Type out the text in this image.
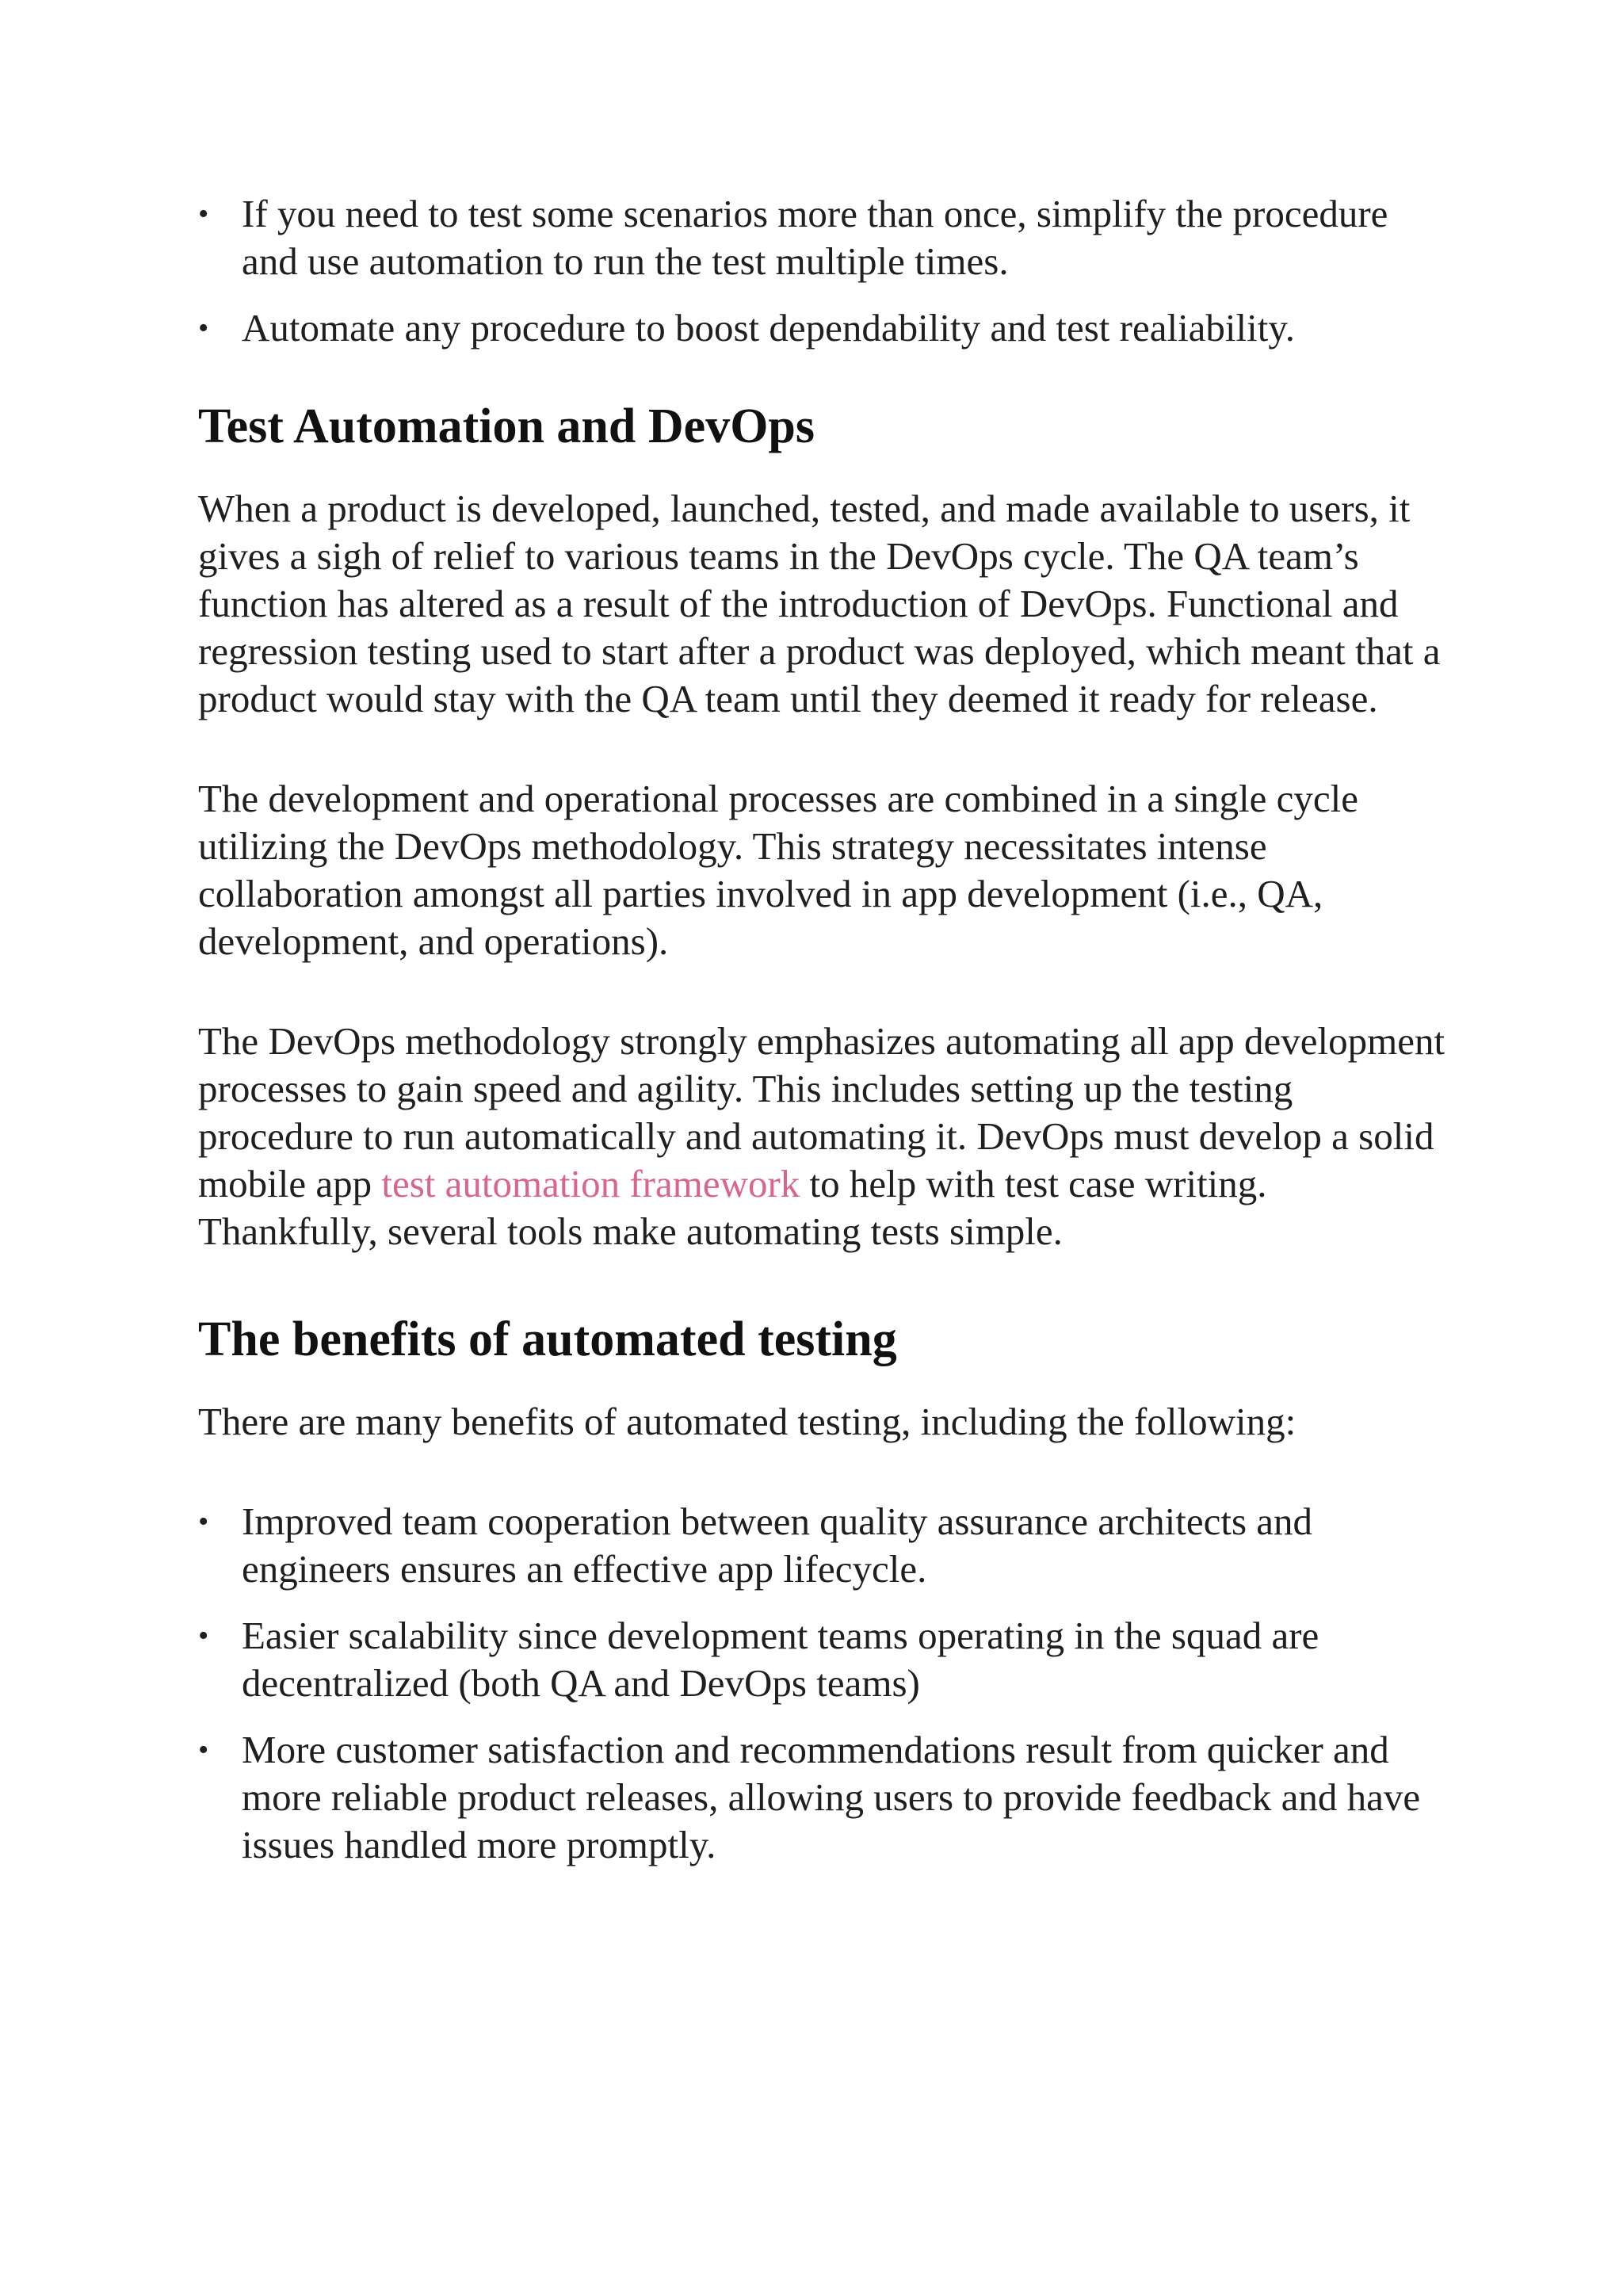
• If you need to test some scenarios more than once, simplify the procedure and use automation to run the test multiple times.
• Automate any procedure to boost dependability and test realiability.
Test Automation and DevOps

When a product is developed, launched, tested, and made available to users, it gives a sigh of relief to various teams in the DevOps cycle. The QA team’s function has altered as a result of the introduction of DevOps. Functional and regression testing used to start after a product was deployed, which meant that a product would stay with the QA team until they deemed it ready for release.

The development and operational processes are combined in a single cycle utilizing the DevOps methodology. This strategy necessitates intense collaboration amongst all parties involved in app development (i.e., QA, development, and operations).

The DevOps methodology strongly emphasizes automating all app development processes to gain speed and agility. This includes setting up the testing procedure to run automatically and automating it. DevOps must develop a solid mobile app test automation framework to help with test case writing. Thankfully, several tools make automating tests simple.

The benefits of automated testing

There are many benefits of automated testing, including the following:

• Improved team cooperation between quality assurance architects and engineers ensures an effective app lifecycle.
• Easier scalability since development teams operating in the squad are decentralized (both QA and DevOps teams)
• More customer satisfaction and recommendations result from quicker and more reliable product releases, allowing users to provide feedback and have issues handled more promptly.
